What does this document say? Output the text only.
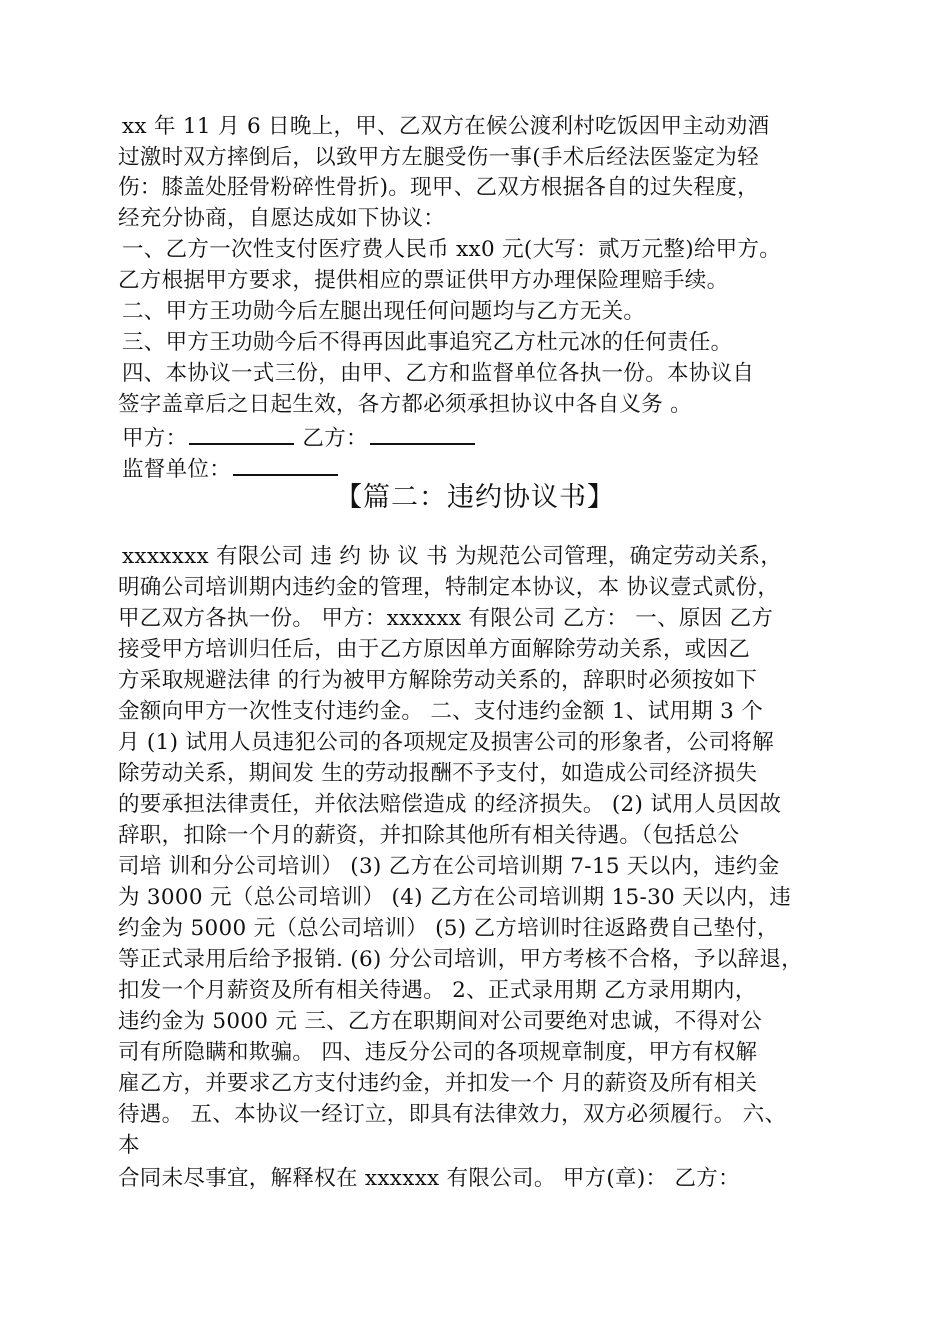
xx 年 11 月 6 日晚上，甲、乙双方在候公渡利村吃饭因甲主动劝酒
过激时双方摔倒后，以致甲方左腿受伤一事(手术后经法医鉴定为轻
伤：膝盖处胫骨粉碎性骨折)。现甲、乙双方根据各自的过失程度，
经充分协商，自愿达成如下协议：
一、乙方一次性支付医疗费人民币 xx0 元(大写：贰万元整)给甲方。
乙方根据甲方要求，提供相应的票证供甲方办理保险理赔手续。
二、甲方王功勋今后左腿出现任何问题均与乙方无关。
三、甲方王功勋今后不得再因此事追究乙方杜元冰的任何责任。
四、本协议一式三份，由甲、乙方和监督单位各执一份。本协议自
签字盖章后之日起生效，各方都必须承担协议中各自义务 。
甲方：	乙方：
监督单位：
【篇二：违约协议书】
xxxxxxx 有限公司 违 约 协 议 书 为规范公司管理，确定劳动关系，
明确公司培训期内违约金的管理，特制定本协议，本 协议壹式贰份，
甲乙双方各执一份。 甲方：xxxxxx 有限公司 乙方： 一、原因 乙方
接受甲方培训归任后，由于乙方原因单方面解除劳动关系，或因乙
方采取规避法律 的行为被甲方解除劳动关系的，辞职时必须按如下
金额向甲方一次性支付违约金。 二、支付违约金额 1、试用期 3 个
月 (1) 试用人员违犯公司的各项规定及损害公司的形象者，公司将解
除劳动关系，期间发 生的劳动报酬不予支付，如造成公司经济损失
的要承担法律责任，并依法赔偿造成 的经济损失。 (2) 试用人员因故
辞职，扣除一个月的薪资，并扣除其他所有相关待遇。（包括总公
司培 训和分公司培训） (3) 乙方在公司培训期 7-15 天以内，违约金
为 3000 元（总公司培训） (4) 乙方在公司培训期 15-30 天以内，违
约金为 5000 元（总公司培训） (5) 乙方培训时往返路费自己垫付，
等正式录用后给予报销. (6) 分公司培训，甲方考核不合格，予以辞退，
扣发一个月薪资及所有相关待遇。 2、正式录用期 乙方录用期内，
违约金为 5000 元 三、乙方在职期间对公司要绝对忠诚，不得对公
司有所隐瞒和欺骗。 四、违反分公司的各项规章制度，甲方有权解
雇乙方，并要求乙方支付违约金，并扣发一个 月的薪资及所有相关
待遇。 五、本协议一经订立，即具有法律效力，双方必须履行。 六、
本
合同未尽事宜，解释权在 xxxxxx 有限公司。 甲方(章)： 乙方：
